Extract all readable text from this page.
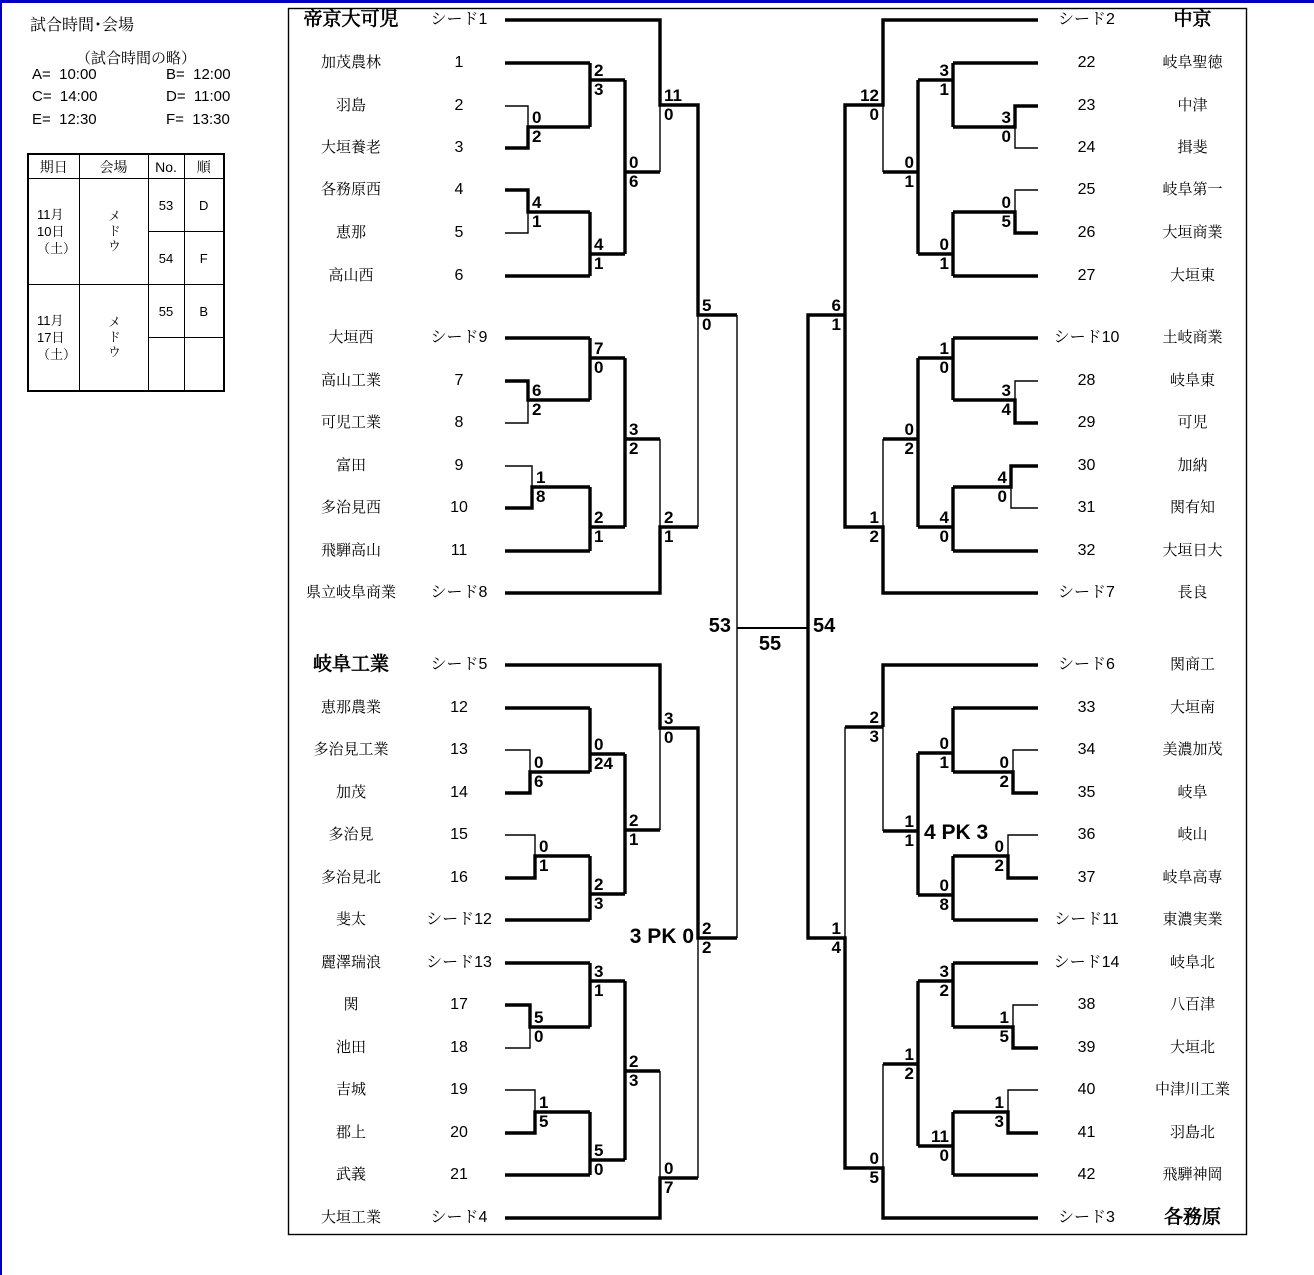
試合時間･会場
（試合時間の略）
A=  10:00	B=  12:00
C=  14:00	D=  11:00
E=  12:30	F=  13:30
期日	会場	No.	順

11月
10日
（土）	メドウ	53	D
		54	F

11月
17日
（土）	メドウ	55	B

帝京大可児	シード1
加茂農林	1
羽島	2
大垣養老	3
各務原西	4
恵那	5
高山西	6
大垣西	シード9
高山工業	7
可児工業	8
富田	9
多治見西	10
飛騨高山	11
県立岐阜商業	シード8
岐阜工業	シード5
恵那農業	12
多治見工業	13
加茂	14
多治見	15
多治見北	16
斐太	シード12
麗澤瑞浪	シード13
関	17
池田	18
吉城	19
郡上	20
武義	21
大垣工業	シード4
シード2	中京
22	岐阜聖徳
23	中津
24	揖斐
25	岐阜第一
26	大垣商業
27	大垣東
シード10	土岐商業
28	岐阜東
29	可児
30	加納
31	関有知
32	大垣日大
シード7	長良
シード6	関商工
33	大垣南
34	美濃加茂
35	岐阜
36	岐山
37	岐阜高専
シード11	東濃実業
シード14	岐阜北
38	八百津
39	大垣北
40	中津川工業
41	羽島北
42	飛騨神岡
シード3	各務原
0
2
4
1
2
3
4
1
0
6
11
0
6
2
1
8
7
0
2
1
3
2
2
1
0
6
0
1
0
24
2
3
2
1
3
0
5
0
1
5
3
1
5
0
2
3
0
7
5
0
2
2
3
0
0
5
3
1
0
1
0
1
12
0
3
4
4
0
1
0
4
0
0
2
1
2
0
2
0
2
0
1
0
8
1
1
2
3
1
5
1
3
3
2
11
0
1
2
0
5
6
1
1
4
53	54
55
3 PK 0
4 PK 3
